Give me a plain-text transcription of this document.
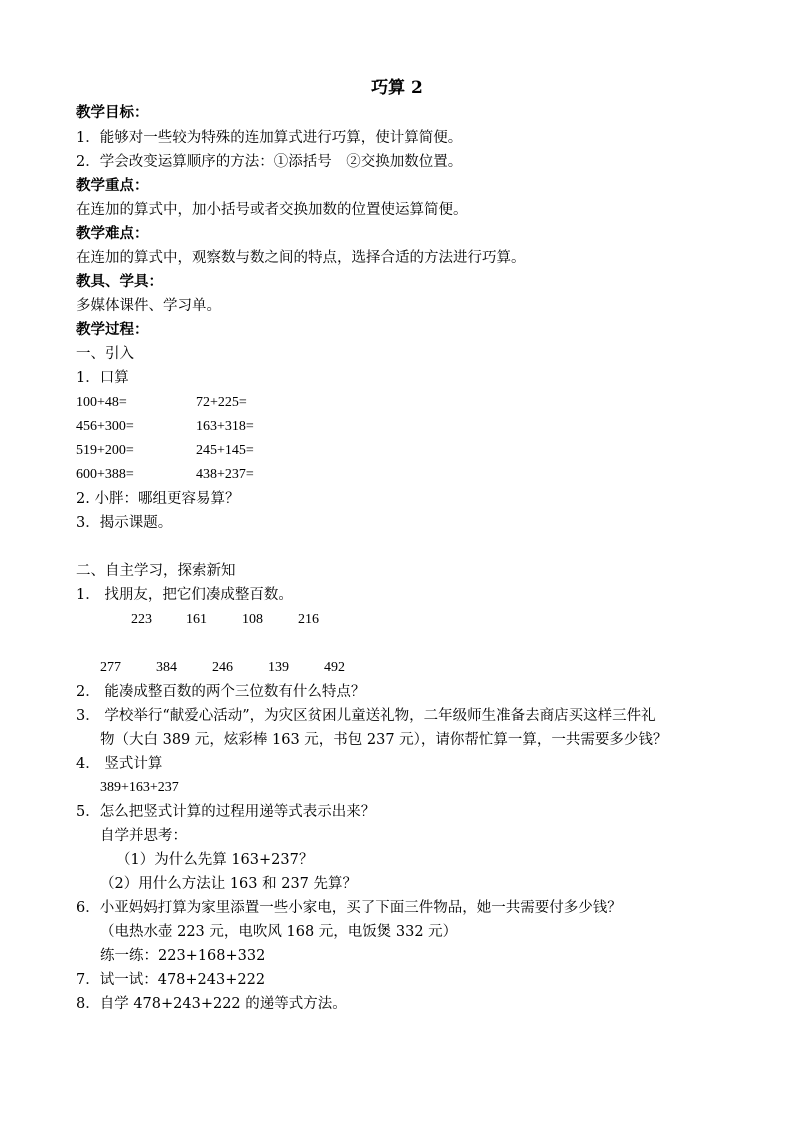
巧算 2
教学目标：
1．能够对一些较为特殊的连加算式进行巧算，使计算简便。
2．学会改变运算顺序的方法：①添括号　②交换加数位置。
教学重点：
在连加的算式中，加小括号或者交换加数的位置使运算简便。
教学难点：
在连加的算式中，观察数与数之间的特点，选择合适的方法进行巧算。
教具、学具：
多媒体课件、学习单。
教学过程：
一、引入
1．口算
100+48=	72+225=
456+300=	163+318=
519+200=	245+145=
600+388=	438+237=
2. 小胖：哪组更容易算？
3．揭示课题。
二、自主学习，探索新知
1． 找朋友，把它们凑成整百数。
223 161	108	216
277	384	246	139	492
2． 能凑成整百数的两个三位数有什么特点？
3． 学校举行“献爱心活动”，为灾区贫困儿童送礼物，二年级师生准备去商店买这样三件礼
物（大白 389 元，炫彩棒 163 元，书包 237 元），请你帮忙算一算，一共需要多少钱？
4． 竖式计算
389+163+237
5．怎么把竖式计算的过程用递等式表示出来？
自学并思考：
（1）为什么先算 163+237？
（2）用什么方法让 163 和 237 先算？
6．小亚妈妈打算为家里添置一些小家电，买了下面三件物品，她一共需要付多少钱？
（电热水壶 223 元，电吹风 168 元，电饭煲 332 元）
练一练：223+168+332
7．试一试：478+243+222
8．自学 478+243+222 的递等式方法。
